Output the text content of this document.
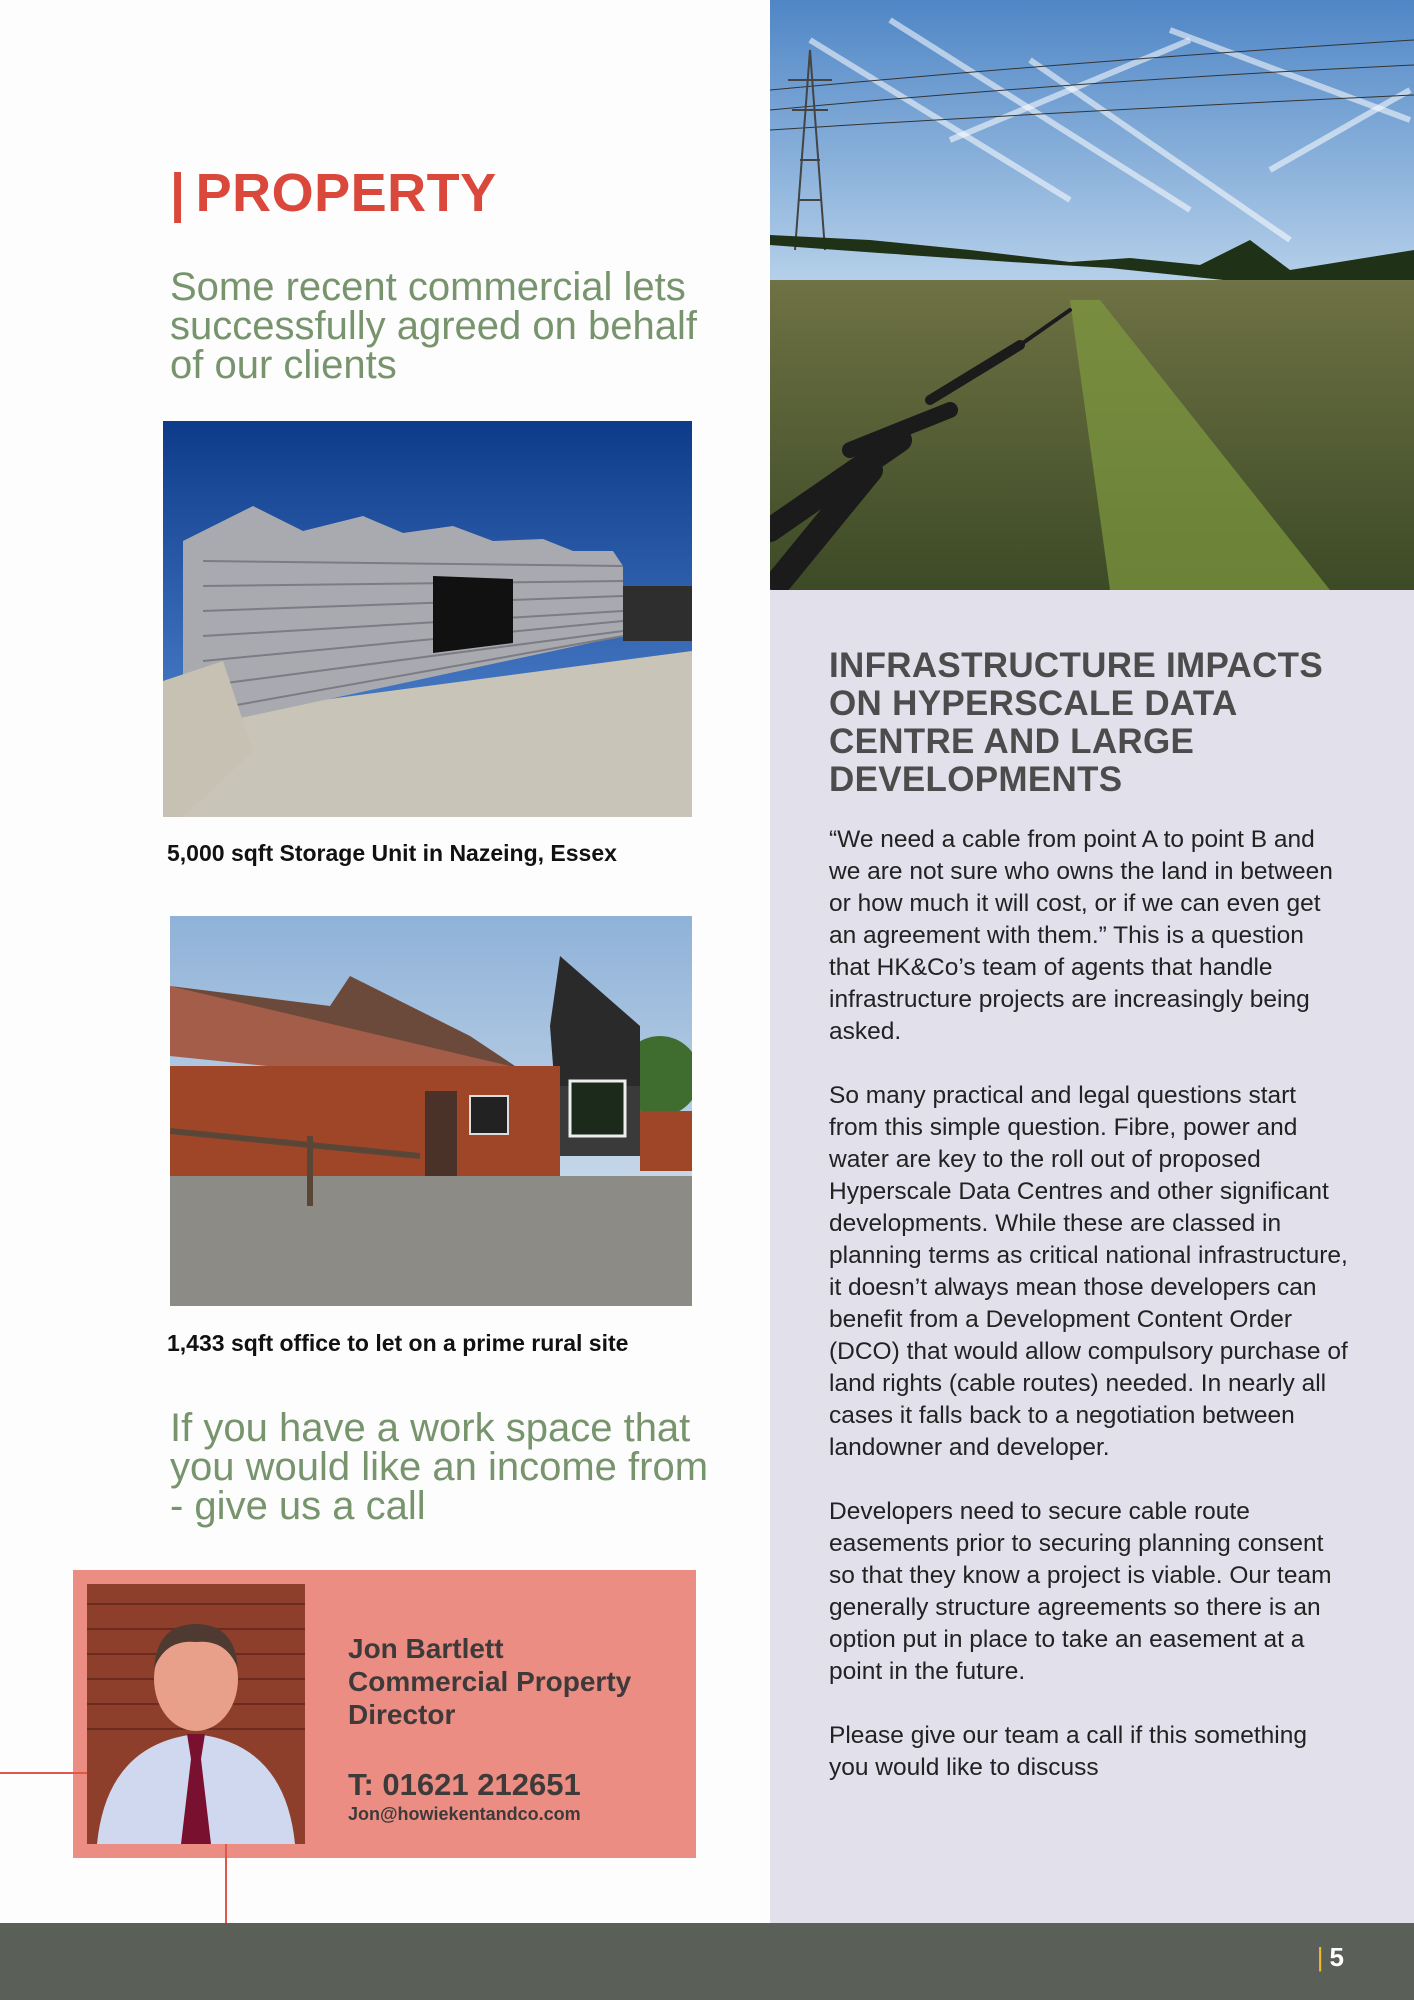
| PROPERTY
Some recent commercial lets successfully agreed on behalf of our clients
5,000 sqft Storage Unit in Nazeing, Essex
1,433 sqft office to let on a prime rural site
If you have a work space that you would like an income from - give us a call
Jon Bartlett
Commercial Property Director
T: 01621 212651
Jon@howiekentandco.com
INFRASTRUCTURE IMPACTS ON HYPERSCALE DATA CENTRE AND LARGE DEVELOPMENTS

“We need a cable from point A to point B and we are not sure who owns the land in between or how much it will cost, or if we can even get an agreement with them.” This is a question that HK&Co’s team of agents that handle infrastructure projects are increasingly being asked.

So many practical and legal questions start from this simple question. Fibre, power and water are key to the roll out of proposed Hyperscale Data Centres and other significant developments. While these are classed in planning terms as critical national infrastructure, it doesn’t always mean those developers can benefit from a Development Content Order (DCO) that would allow compulsory purchase of land rights (cable routes) needed. In nearly all cases it falls back to a negotiation between landowner and developer.

Developers need to secure cable route easements prior to securing planning consent so that they know a project is viable. Our team generally structure agreements so there is an option put in place to take an easement at a point in the future.

Please give our team a call if this something you would like to discuss

| 5
